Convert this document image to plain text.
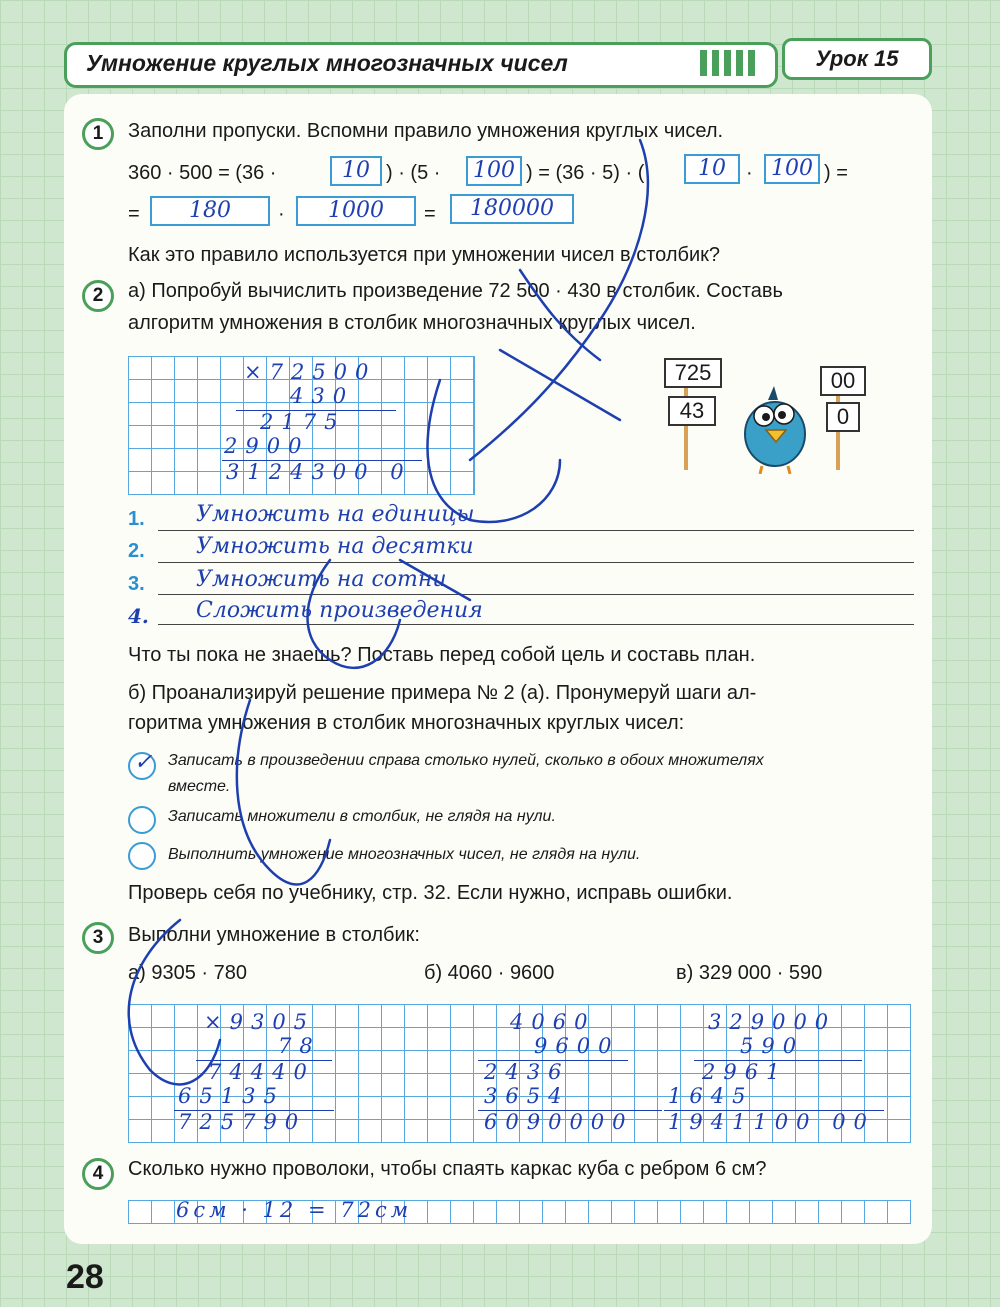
Умножение круглых многозначных чисел	Урок 15
1	Заполни пропуски. Вспомни правило умножения круглых чисел.
360 · 500 = (36 ·	10 ) · (5 ·	100 ) = (36 · 5) · (	10	· 100 ) =
=	180	·	1000	=	180000
Как это правило используется при умножении чисел в столбик?
2	а) Попробуй вычислить произведение 72 500 · 430 в столбик. Составь
алгоритм умножения в столбик многозначных круглых чисел.
×72500
430
2175
2900
3124300 0
725
43
00
0
1. Умножить на единицы
2. Умножить на десятки
3. Умножить на сотни
4. Сложить произведения
Что ты пока не знаешь? Поставь перед собой цель и составь план.
б) Проанализируй решение примера № 2 (а). Пронумеруй шаги ал-
горитма умножения в столбик многозначных круглых чисел:
✓ Записать в произведении справа столько нулей, сколько в обоих множителях
вместе.
Записать множители в столбик, не глядя на нули.
Выполнить умножение многозначных чисел, не глядя на нули.
Проверь себя по учебнику, стр. 32. Если нужно, исправь ошибки.
3	Выполни умножение в столбик:
а) 9305 · 780	б) 4060 · 9600	в) 329 000 · 590
×9305
78
74440
65135
725790
4060
9600
2436
3654
6090000
329000
590
2961
1645
1941100 00
4	Сколько нужно проволоки, чтобы спаять каркас куба с ребром 6 см?
6см · 12 = 72см
28
